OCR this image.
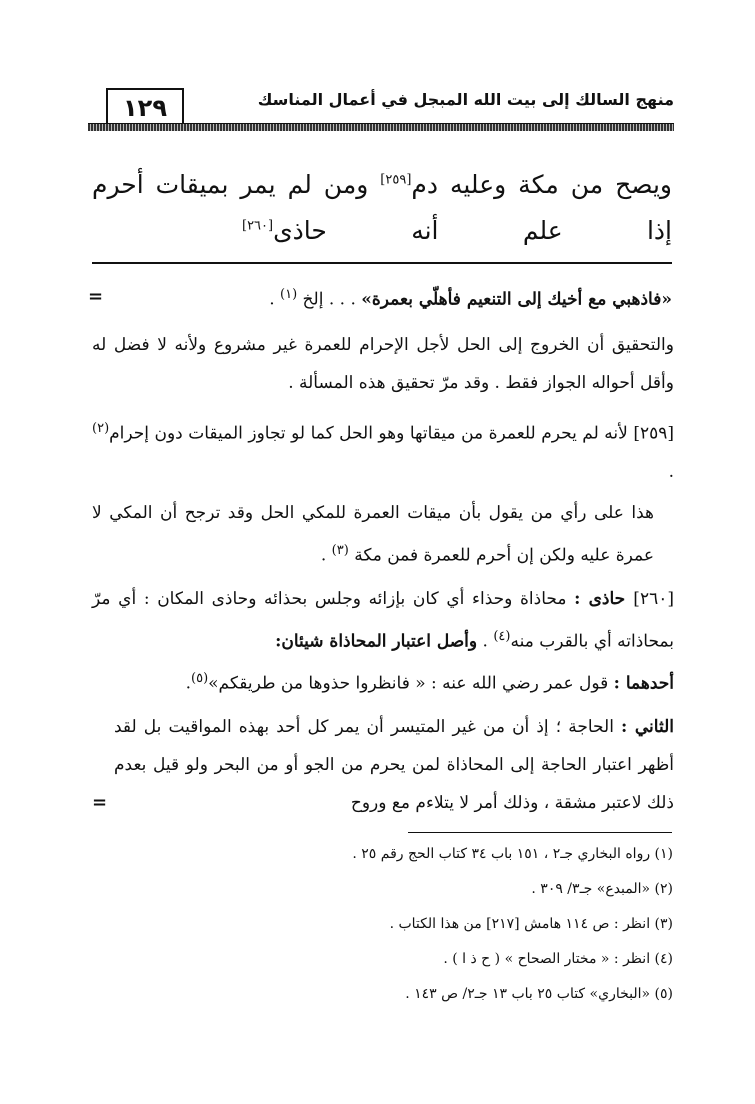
١٢٩	منهج السالك إلى بيت الله المبجل في أعمال المناسك
ويصح من مكة وعليه دم[٢٥٩] ومن لم يمر بميقات أحرم
إذا علم أنه حاذى[٢٦٠]
=	«فاذهبي مع أخيك إلى التنعيم فأهلّي بعمرة» . . . إلخ $^{(١)}$ .
والتحقيق أن الخروج إلى الحل لأجل الإحرام للعمرة غير مشروع ولأنه لا فضل له وأقل أحواله الجواز فقط . وقد مرّ تحقيق هذه المسألة .
[٢٥٩] لأنه لم يحرم للعمرة من ميقاتها وهو الحل كما لو تجاوز الميقات دون إحرام$^{(٢)}$ .
هذا على رأي من يقول بأن ميقات العمرة للمكي الحل وقد ترجح أن المكي لا عمرة عليه ولكن إن أحرم للعمرة فمن مكة $^{(٣)}$ .
[٢٦٠] حاذى : محاذاة وحذاء أي كان بإزائه وجلس بحذائه وحاذى المكان : أي مرّ بمحاذاته أي بالقرب منه$^{(٤)}$ . وأصل اعتبار المحاذاة شيئان:
أحدهما : قول عمر رضي الله عنه : « فانظروا حذوها من طريقكم»$^{(٥)}$.
الثاني : الحاجة ؛ إذ أن من غير المتيسر أن يمر كل أحد بهذه المواقيت بل لقد أظهر اعتبار الحاجة إلى المحاذاة لمن يحرم من الجو أو من البحر ولو قيل بعدم ذلك لاعتبر مشقة ، وذلك أمر لا يتلاءم مع وروح
=
(١) رواه البخاري جـ٢ ، ١٥١ باب ٣٤ كتاب الحج رقم ٢٥ .
(٢) «المبدع» جـ٣/ ٣٠٩ .
(٣) انظر : ص ١١٤ هامش [٢١٧] من هذا الكتاب .
(٤) انظر : « مختار الصحاح » ( ح ذ ا ) .
(٥) «البخاري» كتاب ٢٥ باب ١٣ جـ٢/ ص ١٤٣ .
